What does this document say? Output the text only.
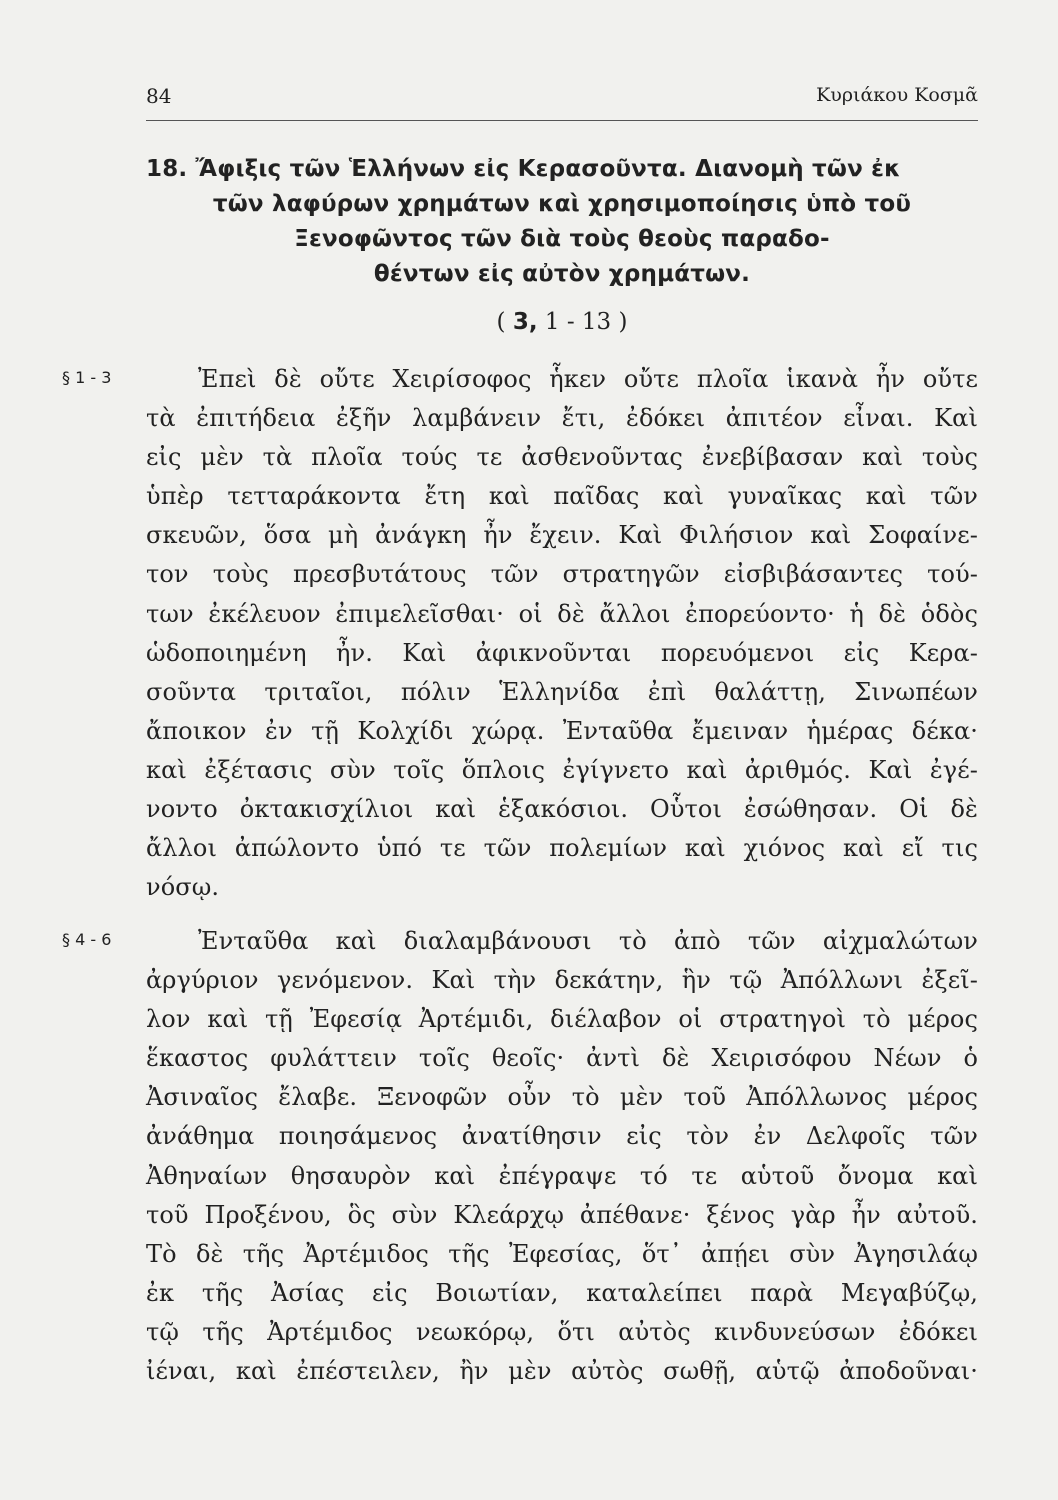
84	Κυριάκου Κοσμᾶ
18. Ἄφιξις τῶν Ἑλλήνων εἰς Κερασοῦντα. Διανομὴ τῶν ἐκ
τῶν λαφύρων χρημάτων καὶ χρησιμοποίησις ὑπὸ τοῦ
Ξενοφῶντος τῶν διὰ τοὺς θεοὺς παραδο-
θέντων εἰς αὐτὸν χρημάτων.
( 3, 1 - 13 )
§ 1 - 3	Ἐπεὶ δὲ οὔτε Χειρίσοφος ἧκεν οὔτε πλοῖα ἱκανὰ ἦν οὔτε
τὰ ἐπιτήδεια ἐξῆν λαμβάνειν ἔτι, ἐδόκει ἀπιτέον εἶναι. Καὶ
εἰς μὲν τὰ πλοῖα τούς τε ἀσθενοῦντας ἐνεβίβασαν καὶ τοὺς
ὑπὲρ τετταράκοντα ἔτη καὶ παῖδας καὶ γυναῖκας καὶ τῶν
σκευῶν, ὅσα μὴ ἀνάγκη ἦν ἔχειν. Καὶ Φιλήσιον καὶ Σοφαίνε-
τον τοὺς πρεσβυτάτους τῶν στρατηγῶν εἰσβιβάσαντες τού-
των ἐκέλευον ἐπιμελεῖσθαι· οἱ δὲ ἄλλοι ἐπορεύοντο· ἡ δὲ ὁδὸς
ὡδοποιημένη ἦν. Καὶ ἀφικνοῦνται πορευόμενοι εἰς Κερα-
σοῦντα τριταῖοι, πόλιν Ἑλληνίδα ἐπὶ θαλάττῃ, Σινωπέων
ἄποικον ἐν τῇ Κολχίδι χώρᾳ. Ἐνταῦθα ἔμειναν ἡμέρας δέκα·
καὶ ἐξέτασις σὺν τοῖς ὅπλοις ἐγίγνετο καὶ ἀριθμός. Καὶ ἐγέ-
νοντο ὀκτακισχίλιοι καὶ ἑξακόσιοι. Οὗτοι ἐσώθησαν. Οἱ δὲ
ἄλλοι ἀπώλοντο ὑπό τε τῶν πολεμίων καὶ χιόνος καὶ εἴ τις
νόσῳ.
§ 4 - 6	Ἐνταῦθα καὶ διαλαμβάνουσι τὸ ἀπὸ τῶν αἰχμαλώτων
ἀργύριον γενόμενον. Καὶ τὴν δεκάτην, ἣν τῷ Ἀπόλλωνι ἐξεῖ-
λον καὶ τῇ Ἐφεσίᾳ Ἀρτέμιδι, διέλαβον οἱ στρατηγοὶ τὸ μέρος
ἕκαστος φυλάττειν τοῖς θεοῖς· ἀντὶ δὲ Χειρισόφου Νέων ὁ
Ἀσιναῖος ἔλαβε. Ξενοφῶν οὖν τὸ μὲν τοῦ Ἀπόλλωνος μέρος
ἀνάθημα ποιησάμενος ἀνατίθησιν εἰς τὸν ἐν Δελφοῖς τῶν
Ἀθηναίων θησαυρὸν καὶ ἐπέγραψε τό τε αὑτοῦ ὄνομα καὶ
τοῦ Προξένου, ὃς σὺν Κλεάρχῳ ἀπέθανε· ξένος γὰρ ἦν αὐτοῦ.
Τὸ δὲ τῆς Ἀρτέμιδος τῆς Ἐφεσίας, ὅτ᾽ ἀπῄει σὺν Ἀγησιλάῳ
ἐκ τῆς Ἀσίας εἰς Βοιωτίαν, καταλείπει παρὰ Μεγαβύζῳ,
τῷ τῆς Ἀρτέμιδος νεωκόρῳ, ὅτι αὐτὸς κινδυνεύσων ἐδόκει
ἰέναι, καὶ ἐπέστειλεν, ἢν μὲν αὐτὸς σωθῇ, αὑτῷ ἀποδοῦναι·
